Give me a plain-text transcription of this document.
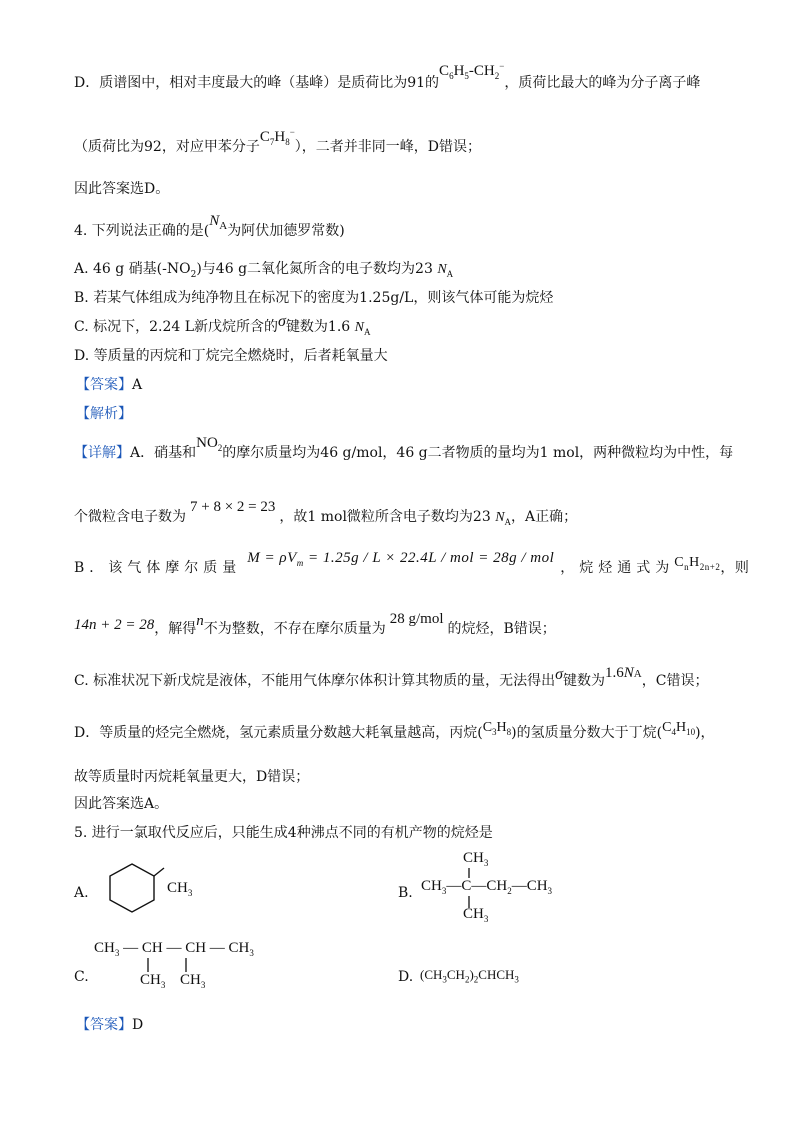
D．质谱图中，相对丰度最大的峰（基峰）是质荷比为91的$C_6H_5-CH_2^-$，质荷比最大的峰为分子离子峰
（质荷比为92，对应甲苯分子$C_7H_8^-$），二者并非同一峰，D错误；
因此答案选D。
4. 下列说法正确的是($N^A$为阿伏加德罗常数)
A. 46 g 硝基$(-NO_2)$与46 g二氧化氮所含的电子数均为23 $N_A$
B. 若某气体组成为纯净物且在标况下的密度为1.25g/L，则该气体可能为烷烃
C. 标况下，2.24 L新戊烷所含的σ键数为1.6 $N_A$
D. 等质量的丙烷和丁烷完全燃烧时，后者耗氧量大
【答案】A
【解析】
【详解】A．硝基和$NO_2$的摩尔质量均为46 g/mol，46 g二者物质的量均为1 mol，两种微粒均为中性，每
个微粒含电子数为7 + 8 × 2 = 23，故1 mol微粒所含电子数均为23 $N_A$，A正确；
B．该气体摩尔质量$M = \rho V_m = 1.25g / L \times 22.4L$ / mol = 28g / mol，烷烃通式为$C_nH_{2n+2}$，则
14n + 2 = 28，解得n不为整数，不存在摩尔质量为28 g/mol的烷烃，B错误；
C. 标准状况下新戊烷是液体，不能用气体摩尔体积计算其物质的量，无法得出σ键数为1.6NA，C错误；
D．等质量的烃完全燃烧，氢元素质量分数越大耗氧量越高，丙烷$(C_3H_8)$的氢质量分数大于丁烷$(C_4H_{10})$，
故等质量时丙烷耗氧量更大，D错误；
因此答案选A。
5. 进行一氯取代反应后，只能生成4种沸点不同的有机产物的烷烃是
A.	$CH_3$	B.
$CH_3$
$CH_3—C—CH_2—CH_3$
$CH_3$
C.
$CH_3$ — CH — CH — $CH_3$
$CH_3$ $CH_3$	D. $(CH_3CH_2)_2CHCH_3$
【答案】D
